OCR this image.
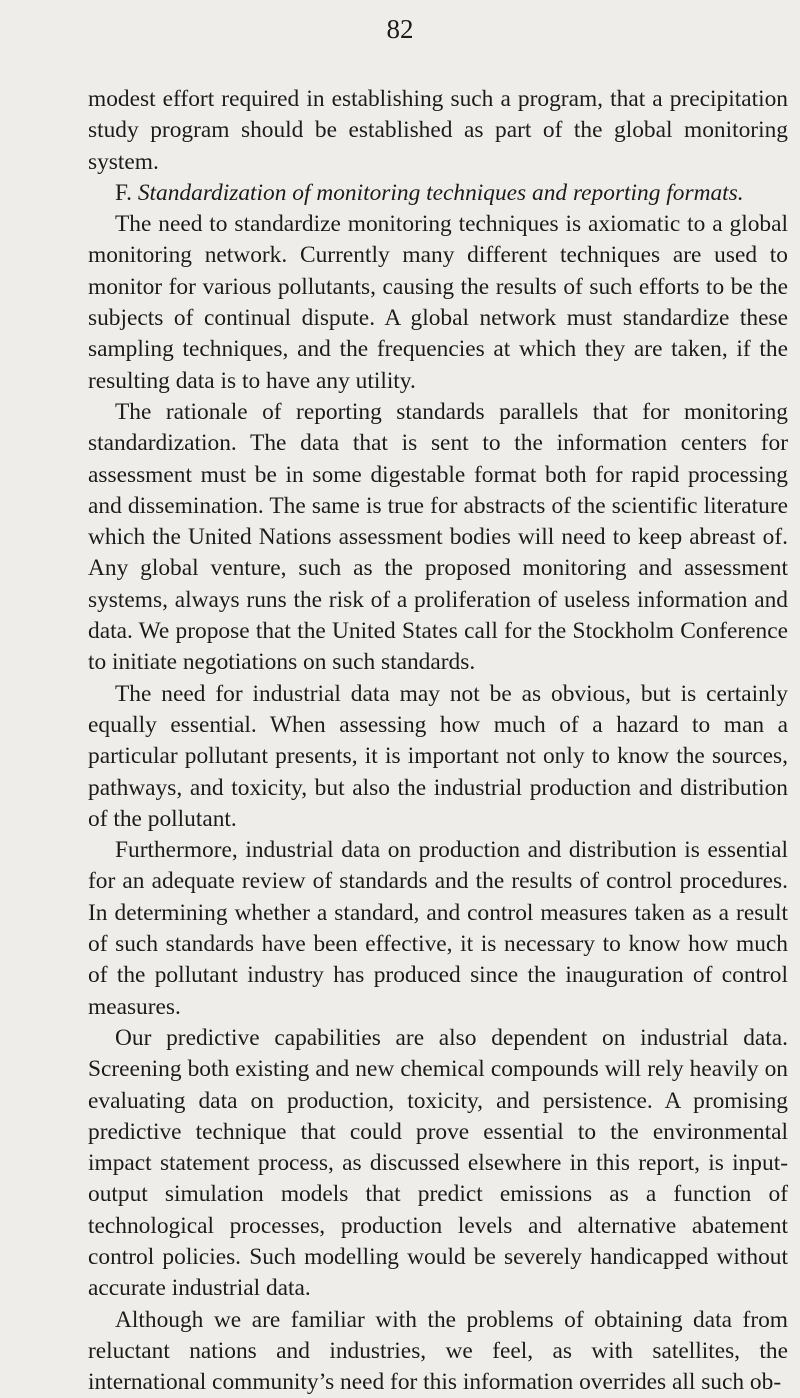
82

modest effort required in establishing such a program, that a precipitation study program should be established as part of the global monitoring system.

F. Standardization of monitoring techniques and reporting formats.

The need to standardize monitoring techniques is axiomatic to a global monitoring network. Currently many different techniques are used to monitor for various pollutants, causing the results of such efforts to be the subjects of continual dispute. A global network must standardize these sampling techniques, and the frequencies at which they are taken, if the resulting data is to have any utility.

The rationale of reporting standards parallels that for monitoring standardization. The data that is sent to the information centers for assessment must be in some digestable format both for rapid processing and dissemination. The same is true for abstracts of the scientific literature which the United Nations assessment bodies will need to keep abreast of. Any global venture, such as the proposed monitoring and assessment systems, always runs the risk of a proliferation of useless information and data. We propose that the United States call for the Stockholm Conference to initiate negotiations on such standards.

The need for industrial data may not be as obvious, but is certainly equally essential. When assessing how much of a hazard to man a particular pollutant presents, it is important not only to know the sources, pathways, and toxicity, but also the industrial production and distribution of the pollutant.

Furthermore, industrial data on production and distribution is essential for an adequate review of standards and the results of control procedures. In determining whether a standard, and control measures taken as a result of such standards have been effective, it is necessary to know how much of the pollutant industry has produced since the inauguration of control measures.

Our predictive capabilities are also dependent on industrial data. Screening both existing and new chemical compounds will rely heavily on evaluating data on production, toxicity, and persistence. A promising predictive technique that could prove essential to the environmental impact statement process, as discussed elsewhere in this report, is input-output simulation models that predict emissions as a function of technological processes, production levels and alternative abatement control policies. Such modelling would be severely handicapped without accurate industrial data.

Although we are familiar with the problems of obtaining data from reluctant nations and industries, we feel, as with satellites, the international community’s need for this information overrides all such ob-
